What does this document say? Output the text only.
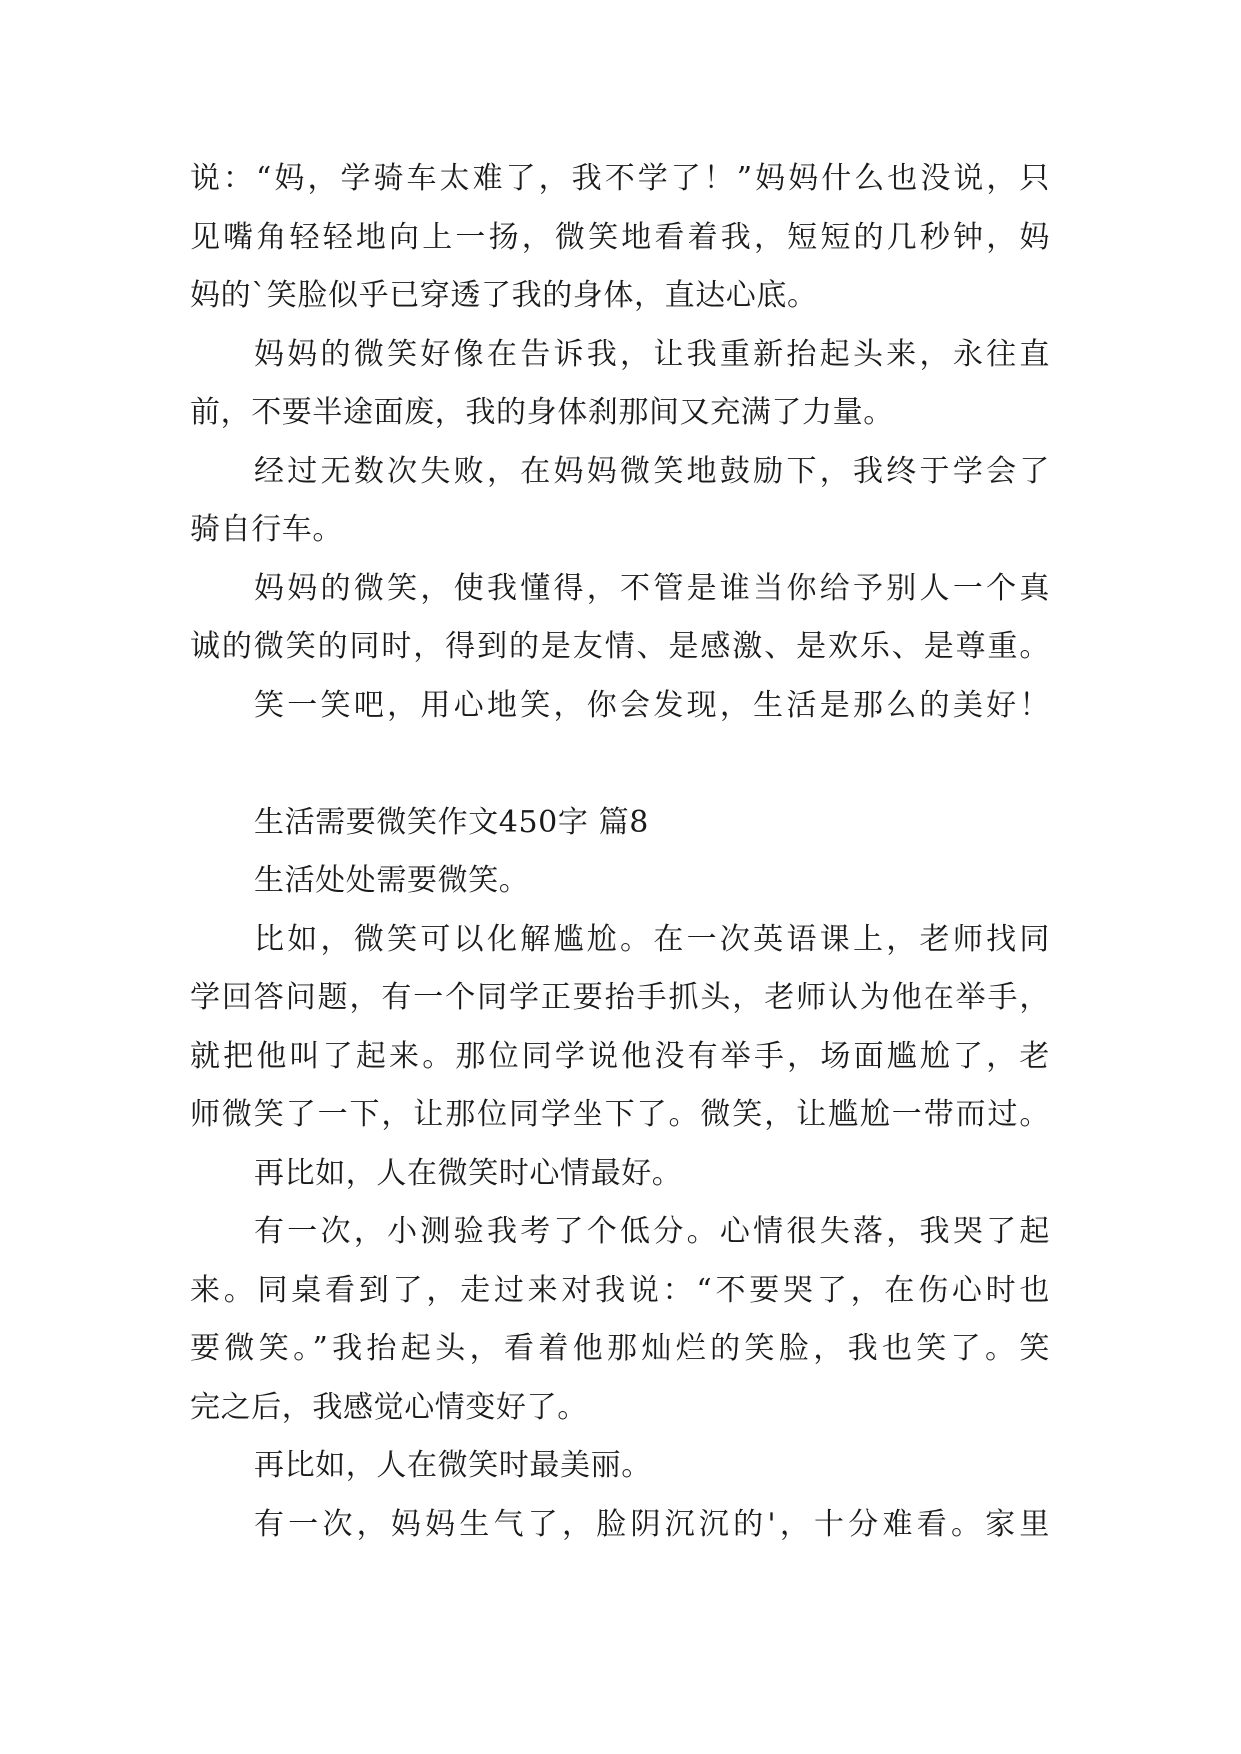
说：“妈，学骑车太难了，我不学了！”妈妈什么也没说，只
见嘴角轻轻地向上一扬，微笑地看着我，短短的几秒钟，妈
妈的`笑脸似乎已穿透了我的身体，直达心底。
妈妈的微笑好像在告诉我，让我重新抬起头来，永往直
前，不要半途面废，我的身体刹那间又充满了力量。
经过无数次失败，在妈妈微笑地鼓励下，我终于学会了
骑自行车。
妈妈的微笑，使我懂得，不管是谁当你给予别人一个真
诚的微笑的同时，得到的是友情、是感激、是欢乐、是尊重。
笑一笑吧，用心地笑，你会发现，生活是那么的美好！
生活需要微笑作文450字 篇8
生活处处需要微笑。
比如，微笑可以化解尴尬。在一次英语课上，老师找同
学回答问题，有一个同学正要抬手抓头，老师认为他在举手，
就把他叫了起来。那位同学说他没有举手，场面尴尬了，老
师微笑了一下，让那位同学坐下了。微笑，让尴尬一带而过。
再比如，人在微笑时心情最好。
有一次，小测验我考了个低分。心情很失落，我哭了起
来。同桌看到了，走过来对我说：“不要哭了，在伤心时也
要微笑。”我抬起头，看着他那灿烂的笑脸，我也笑了。笑
完之后，我感觉心情变好了。
再比如，人在微笑时最美丽。
有一次，妈妈生气了，脸阴沉沉的'，十分难看。家里
